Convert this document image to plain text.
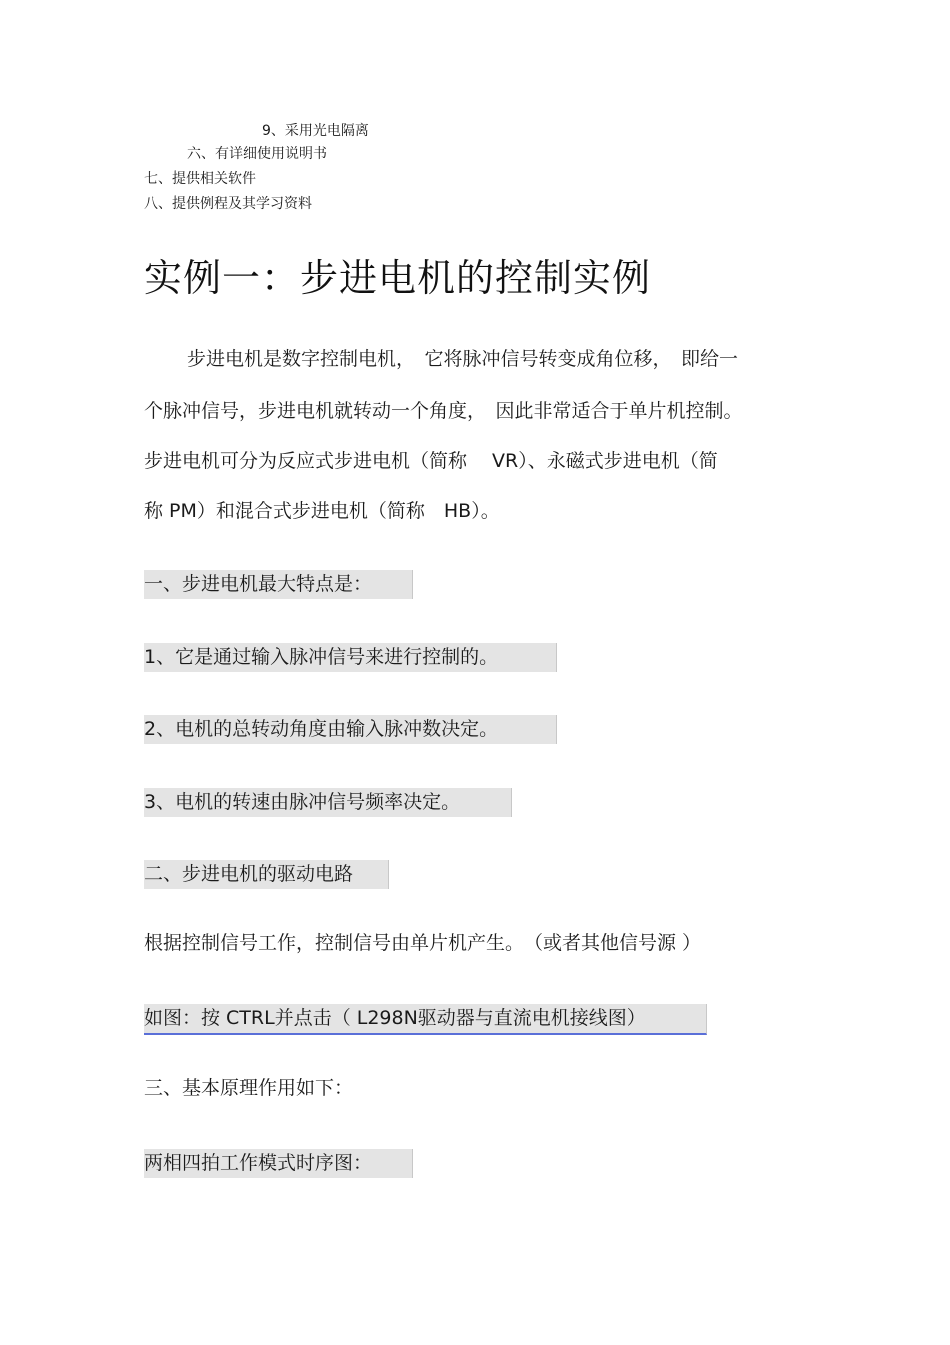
9、采用光电隔离
六、有详细使用说明书
七、提供相关软件
八、提供例程及其学习资料
实例一：步进电机的控制实例
步进电机是数字控制电机，　它将脉冲信号转变成角位移，　即给一
个脉冲信号，步进电机就转动一个角度，　因此非常适合于单片机控制。
步进电机可分为反应式步进电机（简称　 VR）、永磁式步进电机（简
称 PM）和混合式步进电机（简称　HB）。
一、步进电机最大特点是：
1、它是通过输入脉冲信号来进行控制的。
2、电机的总转动角度由输入脉冲数决定。
3、电机的转速由脉冲信号频率决定。
二、步进电机的驱动电路
根据控制信号工作，控制信号由单片机产生。　（或者其他信号源 ）
如图：按 CTRL并点击（ L298N驱动器与直流电机接线图）
三、基本原理作用如下：
两相四拍工作模式时序图：
